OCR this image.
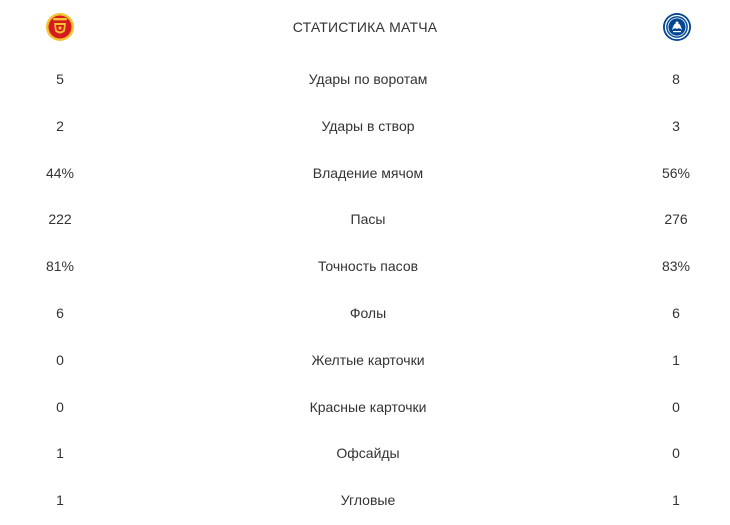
СТАТИСТИКА МАТЧА
5	Удары по воротам	8
2	Удары в створ	3
44%	Владение мячом	56%
222	Пасы	276
81%	Точность пасов	83%
6	Фолы	6
0	Желтые карточки	1
0	Красные карточки	0
1	Офсайды	0
1	Угловые	1
